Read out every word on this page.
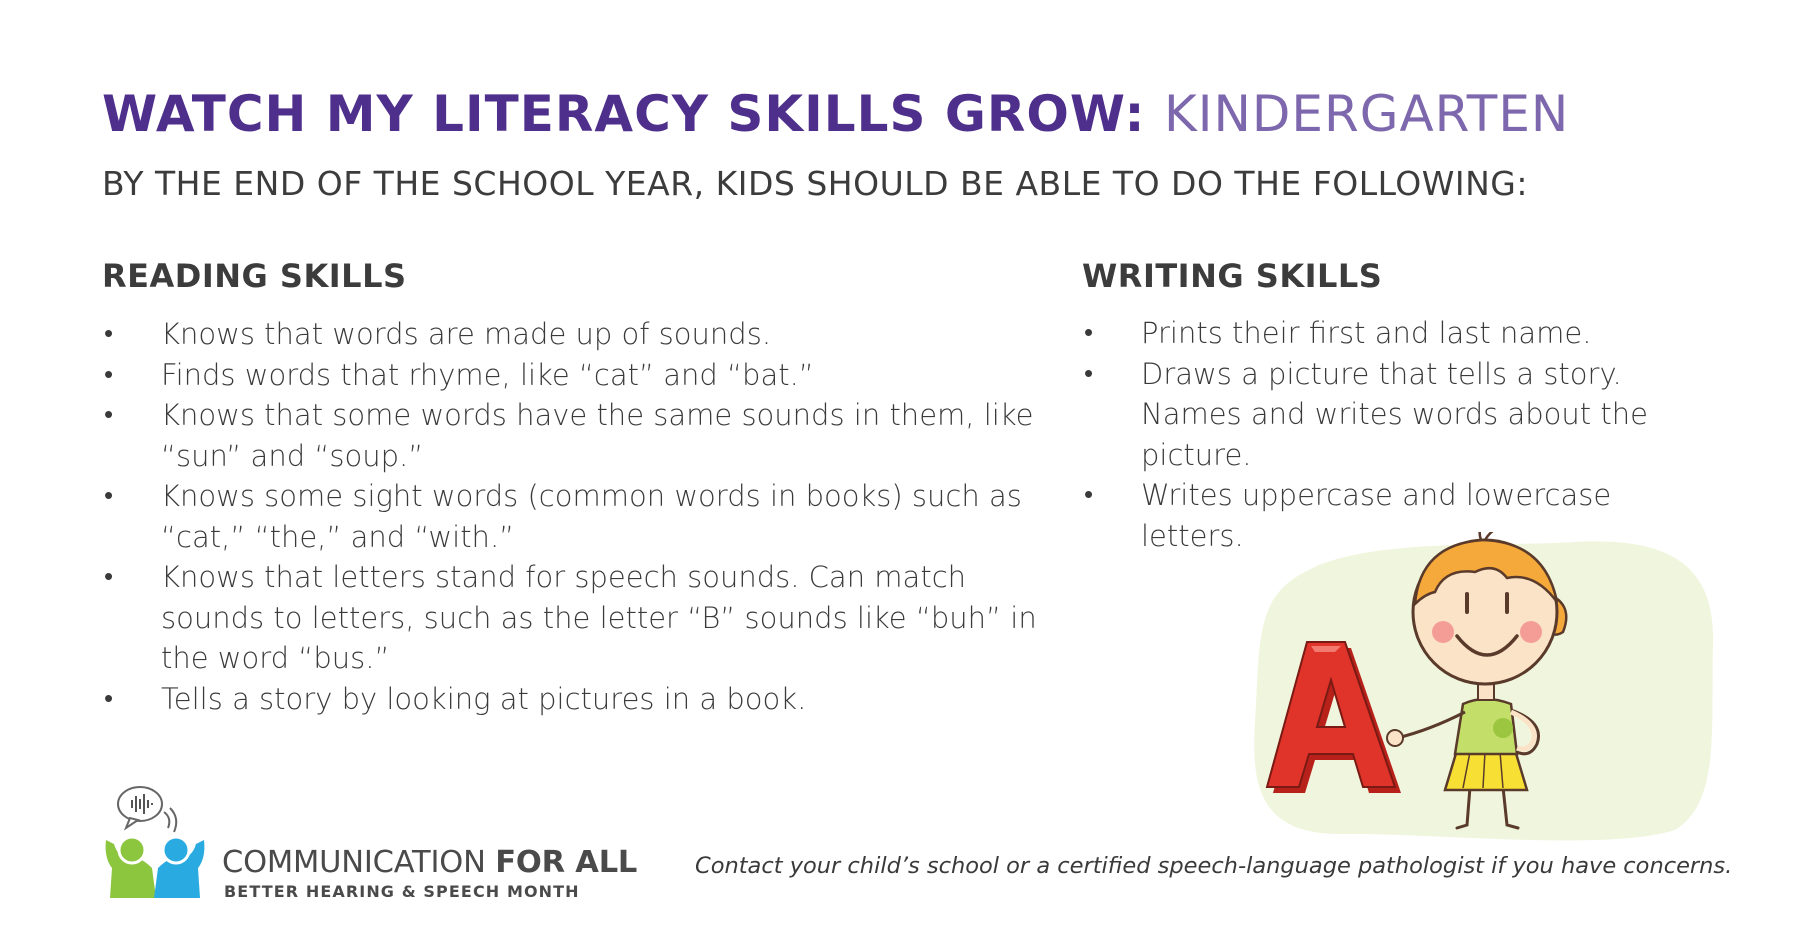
WATCH MY LITERACY SKILLS GROW: KINDERGARTEN

BY THE END OF THE SCHOOL YEAR, KIDS SHOULD BE ABLE TO DO THE FOLLOWING:

READING SKILLS
• Knows that words are made up of sounds.
• Finds words that rhyme, like “cat” and “bat.”
• Knows that some words have the same sounds in them, like “sun” and “soup.”
• Knows some sight words (common words in books) such as “cat,” “the,” and “with.”
• Knows that letters stand for speech sounds. Can match sounds to letters, such as the letter “B” sounds like “buh” in the word “bus.”
• Tells a story by looking at pictures in a book.
WRITING SKILLS
• Prints their first and last name.
• Draws a picture that tells a story. Names and writes words about the picture.
• Writes uppercase and lowercase letters.
COMMUNICATION FOR ALL
BETTER HEARING & SPEECH MONTH

Contact your child’s school or a certified speech-language pathologist if you have concerns.
